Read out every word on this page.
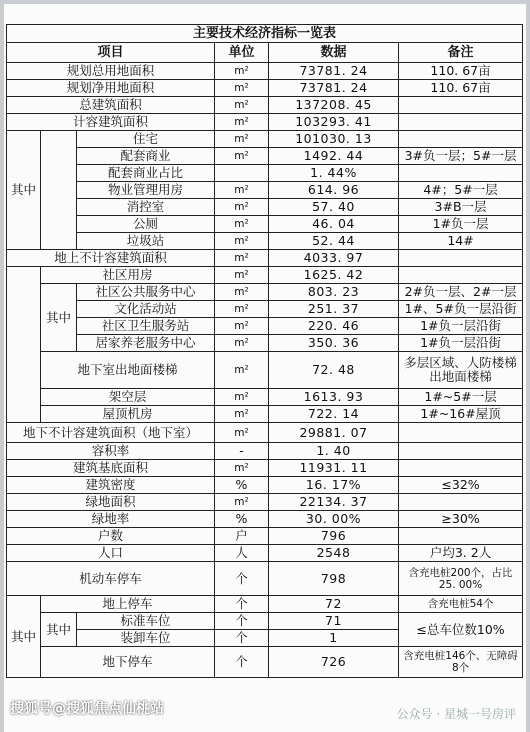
主要技术经济指标一览表					
项目			单位	数据	备注
规划总用地面积			m²	73781. 24	110. 67亩
规划净用地面积			m²	73781. 24	110. 67亩
总建筑面积			m²	137208. 45	
计容建筑面积			m²	103293. 41	
其中		住宅	m²	101030. 13	
		配套商业	m²	1492. 44	3#负一层；5#一层
		配套商业占比		1. 44%	
		物业管理用房	m²	614. 96	4#；5#一层
		消控室	m²	57. 40	3#B一层
		公厕	m²	46. 04	1#负一层
		垃圾站	m²	52. 44	14#
地上不计容建筑面积			m²	4033. 97	
	社区用房		m²	1625. 42	
	其中	社区公共服务中心	m²	803. 23	2#负一层、2#一层
		文化活动站	m²	251. 37	1#、5#负一层沿街
		社区卫生服务站	m²	220. 46	1#负一层沿街
		居家养老服务中心	m²	350. 36	1#负一层沿街
	地下室出地面楼梯		m²	72. 48	多层区域、人防楼梯出地面楼梯
	架空层		m²	1613. 93	1#~5#一层
	屋顶机房		m²	722. 14	1#~16#屋顶
地下不计容建筑面积（地下室）			m²	29881. 07	
容积率			-	1. 40	
建筑基底面积			m²	11931. 11	
建筑密度			%	16. 17%	≤32%
绿地面积			m²	22134. 37	
绿地率			%	30. 00%	≥30%
户数			户	796	
人口			人	2548	户均3. 2人
机动车停车			个	798	含充电桩200个，占比25. 00%
其中	地上停车		个	72	含充电桩54个
	其中	标准车位	个	71	≤总车位数10%
		装卸车位	个	1	
	地下停车		个	726	含充电桩146个、无障碍8个
搜狐号@搜狐焦点仙桃站	公众号 · 星城一号房评
